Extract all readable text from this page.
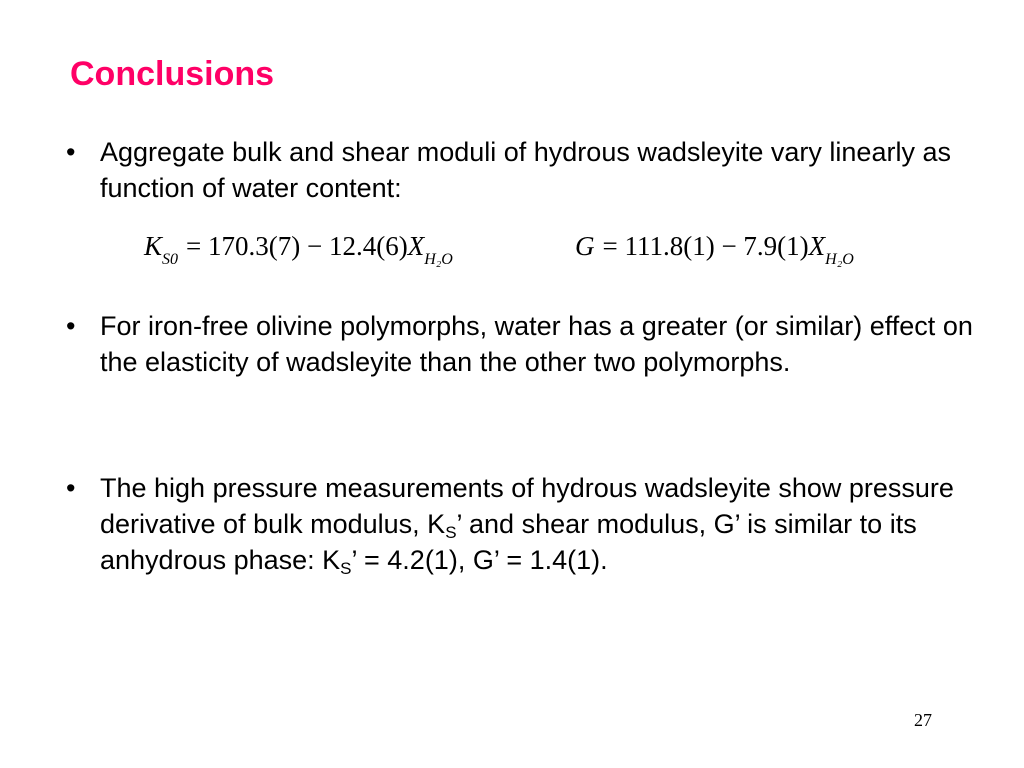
Conclusions
• Aggregate bulk and shear moduli of hydrous wadsleyite vary linearly as function of water content:
$K_{S0} = 170.3(7) - 12.4(6)X_{H_2O}$	$G = 111.8(1) - 7.9(1)X_{H_2O}$
• For iron-free olivine polymorphs, water has a greater (or similar) effect on the elasticity of wadsleyite than the other two polymorphs.
• The high pressure measurements of hydrous wadsleyite show pressure derivative of bulk modulus, $K_S$’ and shear modulus, G’ is similar to its anhydrous phase: $K_S$’ = 4.2(1), G’ = 1.4(1).
27
